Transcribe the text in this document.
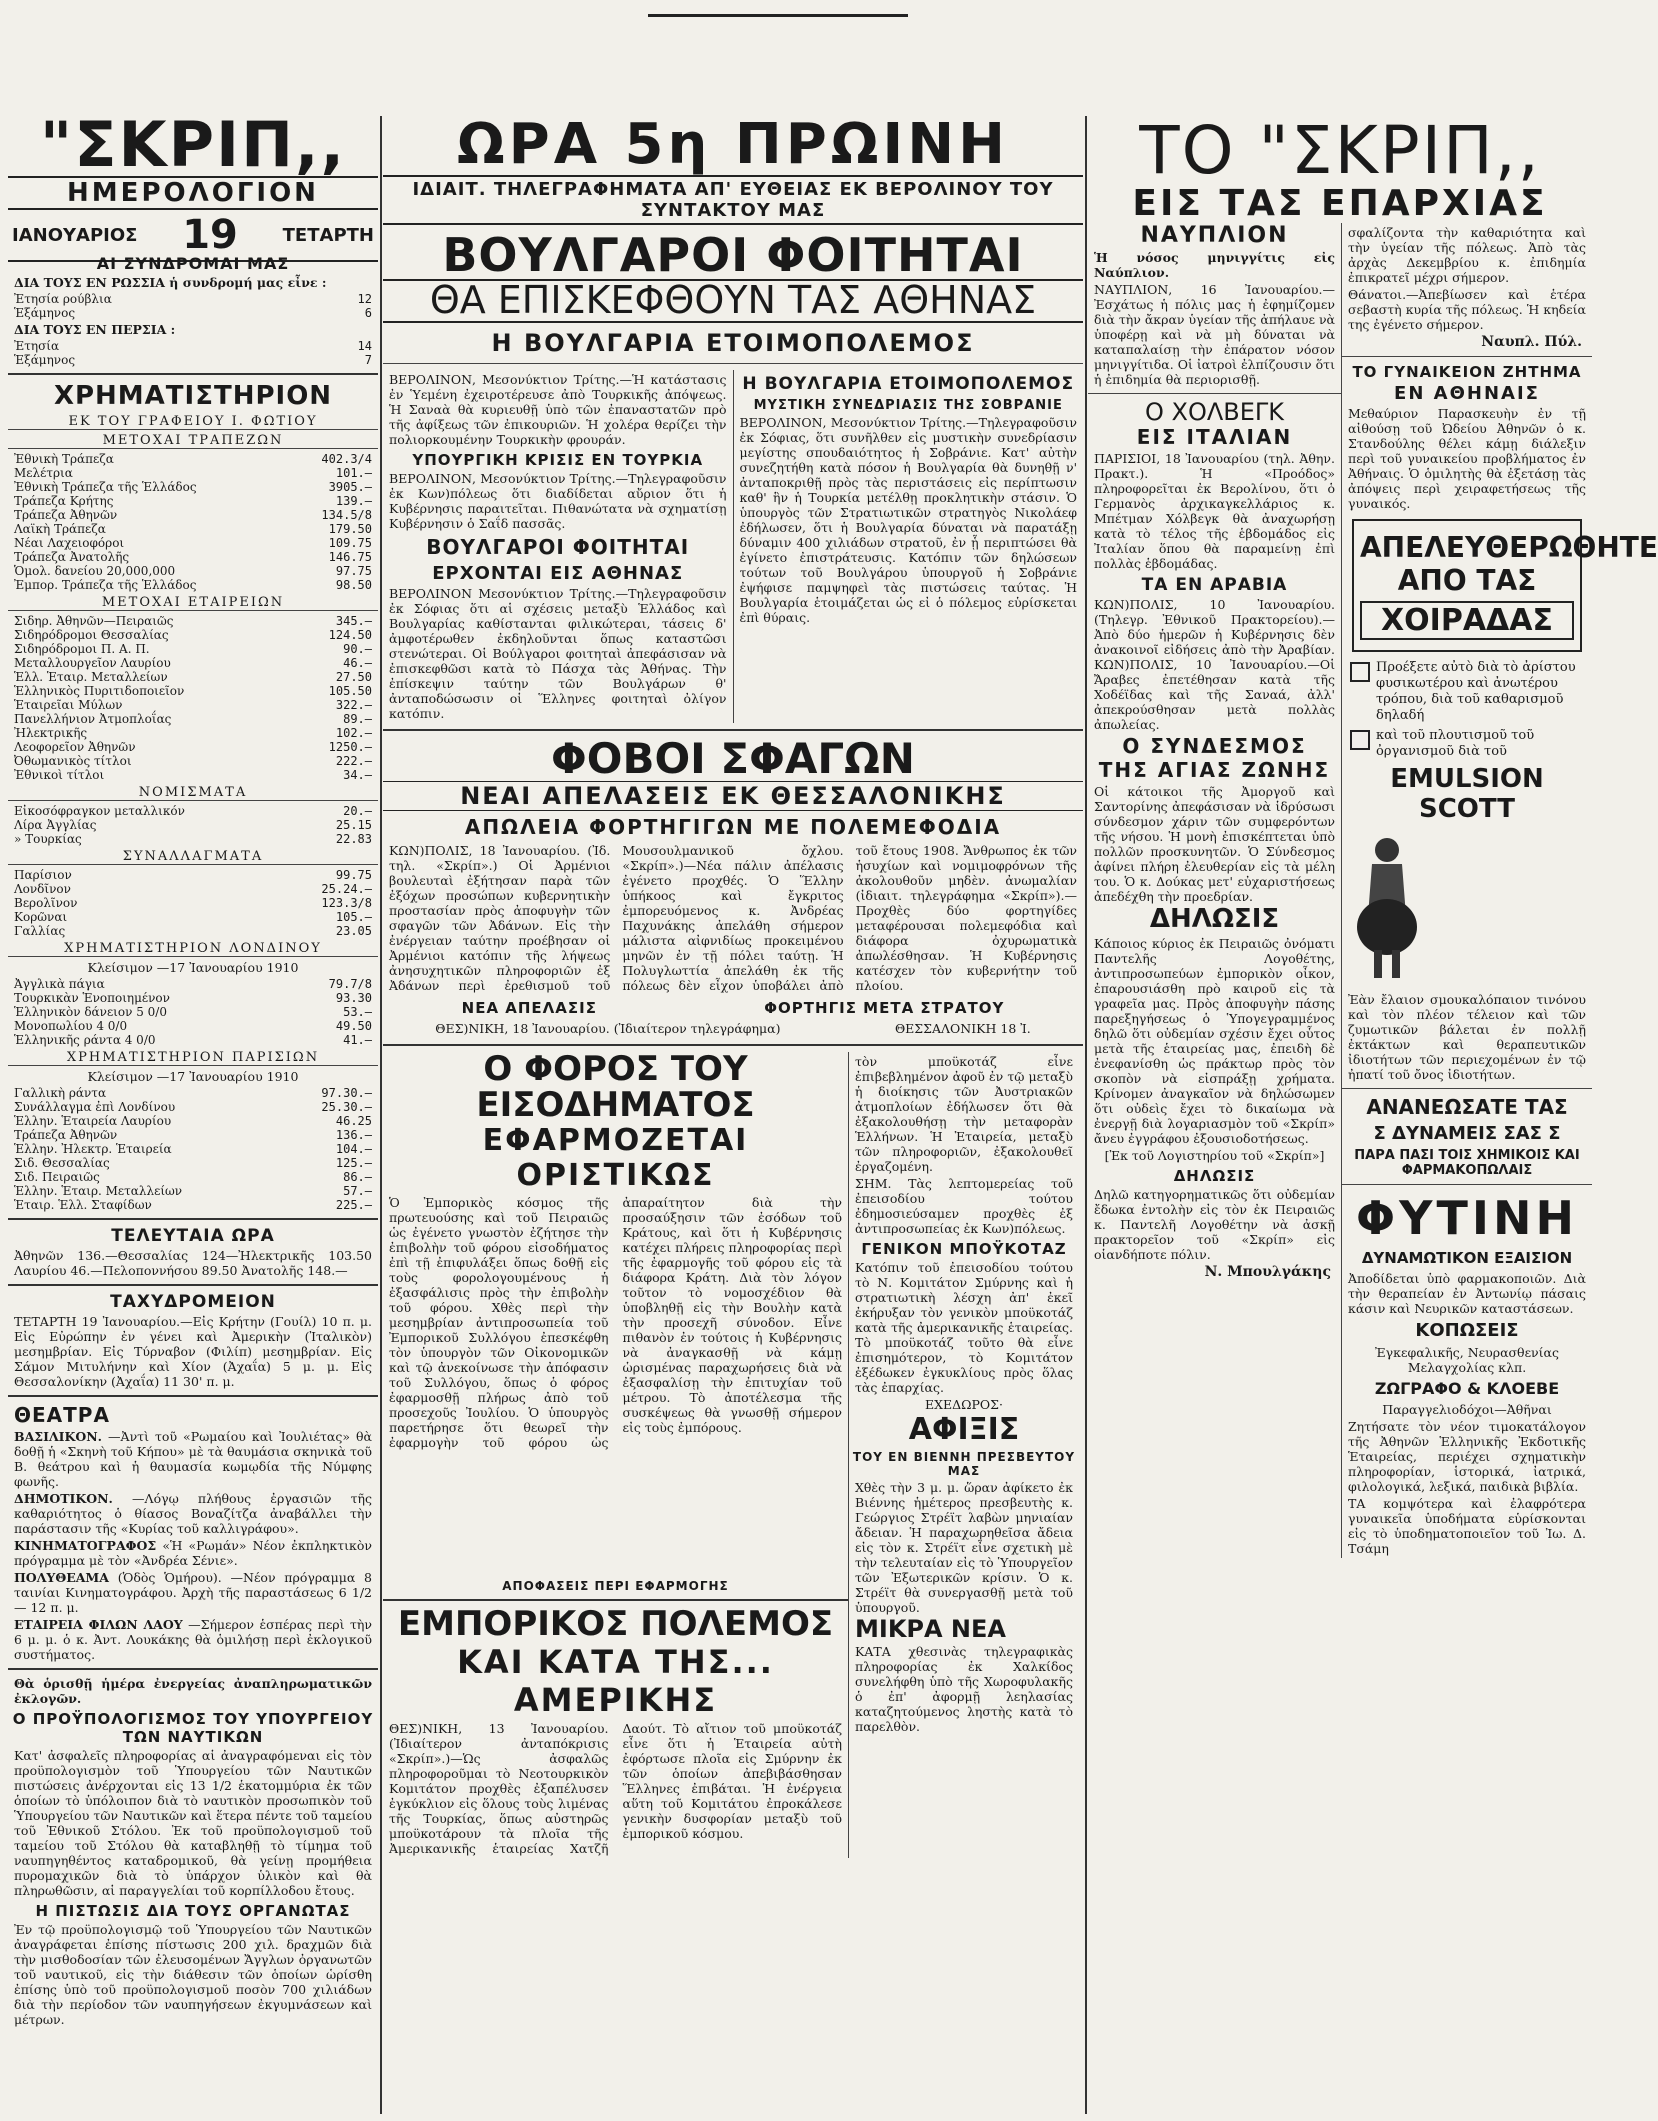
"ΣΚΡΙΠ,,
ΗΜΕΡΟΛΟΓΙΟΝ
ΙΑΝΟΥΑΡΙΟΣ 19 ΤΕΤΑΡΤΗ
ΑΙ ΣΥΝΔΡΟΜΑΙ ΜΑΣ
ΔΙΑ ΤΟΥΣ ΕΝ ΡΩΣΣΙΑ ἡ συνδρομή μας εἶνε :
Ἐτησία ρούβλια	12
Ἑξάμηνος	6
ΔΙΑ ΤΟΥΣ ΕΝ ΠΕΡΣΙΑ :
Ἐτησία	14
Ἑξάμηνος	7
ΧΡΗΜΑΤΙΣΤΗΡΙΟΝ
ΕΚ ΤΟΥ ΓΡΑΦΕΙΟΥ Ι. ΦΩΤΙΟΥ
ΜΕΤΟΧΑΙ ΤΡΑΠΕΖΩΝ
Ἐθνικὴ Τράπεζα	402.3/4
Μελέτρια	101.—
Ἐθνικὴ Τράπεζα τῆς Ἑλλάδος	3905.—
Τράπεζα Κρήτης	139.—
Τράπεζα Ἀθηνῶν	134.5/8
Λαϊκὴ Τράπεζα	179.50
Νέαι Λαχειοφόροι	109.75
Τράπεζα Ἀνατολῆς	146.75
Ὁμολ. δανείου 20,000,000	97.75
Ἐμπορ. Τράπεζα τῆς Ἑλλάδος	98.50
ΜΕΤΟΧΑΙ ΕΤΑΙΡΕΙΩΝ
Σιδηρ. Ἀθηνῶν—Πειραιῶς	345.—
Σιδηρόδρομοι Θεσσαλίας	124.50
Σιδηρόδρομοι Π. Α. Π.	90.—
Μεταλλουργεῖον Λαυρίου	46.—
Ἑλλ. Ἑταιρ. Μεταλλείων	27.50
Ἑλληνικὸς Πυριτιδοποιεῖον	105.50
Ἑταιρεῖαι Μύλων	322.—
Πανελλήνιον Ἀτμοπλοΐας	89.—
Ἠλεκτρικῆς	102.—
Λεοφορεῖον Ἀθηνῶν	1250.—
Ὀθωμανικὸς τίτλοι	222.—
Ἐθνικοὶ τίτλοι	34.—
ΝΟΜΙΣΜΑΤΑ
Εἰκοσόφραγκον μεταλλικόν	20.—
Λίρα Ἀγγλίας	25.15
» Τουρκίας	22.83
ΣΥΝΑΛΛΑΓΜΑΤΑ
Παρίσιον	99.75
Λονδῖνον	25.24.—
Βερολῖνον	123.3/8
Κορῶναι	105.—
Γαλλίας	23.05
ΧΡΗΜΑΤΙΣΤΗΡΙΟΝ ΛΟΝΔΙΝΟΥ
Κλείσιμον —17 Ἰανουαρίου 1910
Ἀγγλικὰ πάγια	79.7/8
Τουρκικὰν Ἑνοποιημένον	93.30
Ἑλληνικὸν δάνειον 5 0/0	53.—
Μονοπωλίου 4 0/0	49.50
Ἑλληνικῆς ράντα 4 0/0	41.—
ΧΡΗΜΑΤΙΣΤΗΡΙΟΝ ΠΑΡΙΣΙΩΝ
Κλείσιμον —17 Ἰανουαρίου 1910
Γαλλικὴ ράντα	97.30.—
Συνάλλαγμα ἐπὶ Λονδίνου	25.30.—
Ἑλλην. Ἑταιρεία Λαυρίου	46.25
Τράπεζα Ἀθηνῶν	136.—
Ἑλλην. Ἠλεκτρ. Ἑταιρεία	104.—
Σιδ. Θεσσαλίας	125.—
Σιδ. Πειραιῶς	86.—
Ἑλλην. Ἑταιρ. Μεταλλείων	57.—
Ἑταιρ. Ἑλλ. Σταφίδων	225.—
ΤΕΛΕΥΤΑΙΑ ΩΡΑ
Ἀθηνῶν 136.—Θεσσαλίας 124—Ἠλεκτρικῆς 103.50 Λαυρίου 46.—Πελοποννήσου 89.50 Ἀνατολῆς 148.—
ΤΑΧΥΔΡΟΜΕΙΟΝ
ΤΕΤΑΡΤΗ 19 Ἰανουαρίου.—Εἰς Κρήτην (Γουίλ) 10 π. μ. Εἰς Εὐρώπην ἐν γένει καὶ Ἀμερικὴν (Ἰταλικὸν) μεσημβρίαν. Εἰς Τύρναβον (Φιλίπ) μεσημβρίαν. Εἰς Σάμον Μιτυλήνην καὶ Χίον (Ἀχαΐα) 5 μ. μ. Εἰς Θεσσαλονίκην (Ἀχαΐα) 11 30' π. μ.
ΘΕΑΤΡΑ
ΒΑΣΙΛΙΚΟΝ. —Ἀντὶ τοῦ «Ρωμαίου καὶ Ἰουλιέτας» θὰ δοθῇ ἡ «Σκηνὴ τοῦ Κήπου» μὲ τὰ θαυμάσια σκηνικὰ τοῦ Β. θεάτρου καὶ ἡ θαυμασία κωμῳδία τῆς Νύμφης φωνῆς.
ΔΗΜΟΤΙΚΟΝ. —Λόγῳ πλήθους ἐργασιῶν τῆς καθαριότητος ὁ θίασος Βοναζίτζα ἀναβάλλει τὴν παράστασιν τῆς «Κυρίας τοῦ καλλιγράφου».
ΚΙΝΗΜΑΤΟΓΡΑΦΟΣ «Ἡ «Ρωμάν» Νέον ἐκπληκτικὸν πρόγραμμα μὲ τὸν «Ἀνδρέα Σένιε».
ΠΟΛΥΘΕΑΜΑ (Ὁδὸς Ὁμήρου). —Νέον πρόγραμμα 8 ταινίαι Κινηματογράφου. Ἀρχὴ τῆς παραστάσεως 6 1/2 — 12 π. μ.
ΕΤΑΙΡΕΙΑ ΦΙΛΩΝ ΛΑΟΥ —Σήμερον ἑσπέρας περὶ τὴν 6 μ. μ. ὁ κ. Ἀντ. Λουκάκης θὰ ὁμιλήσῃ περὶ ἐκλογικοῦ συστήματος.
Θὰ ὁρισθῇ ἡμέρα ἐνεργείας ἀναπληρωματικῶν ἐκλογῶν.
Ο ΠΡΟΫΠΟΛΟΓΙΣΜΟΣ ΤΟΥ ΥΠΟΥΡΓΕΙΟΥ ΤΩΝ ΝΑΥΤΙΚΩΝ
Κατ' ἀσφαλεῖς πληροφορίας αἱ ἀναγραφόμεναι εἰς τὸν προϋπολογισμὸν τοῦ Ὑπουργείου τῶν Ναυτικῶν πιστώσεις ἀνέρχονται εἰς 13 1/2 ἑκατομμύρια ἐκ τῶν ὁποίων τὸ ὑπόλοιπον διὰ τὸ ναυτικὸν προσωπικὸν τοῦ Ὑπουργείου τῶν Ναυτικῶν καὶ ἕτερα πέντε τοῦ ταμείου τοῦ Ἐθνικοῦ Στόλου. Ἐκ τοῦ προϋπολογισμοῦ τοῦ ταμείου τοῦ Στόλου θὰ καταβληθῇ τὸ τίμημα τοῦ ναυπηγηθέντος καταδρομικοῦ, θὰ γείνῃ προμήθεια πυρομαχικῶν διὰ τὸ ὑπάρχον ὑλικὸν καὶ θὰ πληρωθῶσιν, αἱ παραγγελίαι τοῦ κορπίλλοδου ἔτους.
Η ΠΙΣΤΩΣΙΣ ΔΙΑ ΤΟΥΣ ΟΡΓΑΝΩΤΑΣ
Ἐν τῷ προϋπολογισμῷ τοῦ Ὑπουργείου τῶν Ναυτικῶν ἀναγράφεται ἐπίσης πίστωσις 200 χιλ. δραχμῶν διὰ τὴν μισθοδοσίαν τῶν ἐλευσομένων Ἄγγλων ὀργανωτῶν τοῦ ναυτικοῦ, εἰς τὴν διάθεσιν τῶν ὁποίων ὡρίσθη ἐπίσης ὑπὸ τοῦ προϋπολογισμοῦ ποσὸν 700 χιλιάδων διὰ τὴν περίοδον τῶν ναυπηγήσεων ἐκγυμνάσεων καὶ μέτρων.
ΩΡΑ 5η ΠΡΩΙΝΗ
ΙΔΙΑΙΤ. ΤΗΛΕΓΡΑΦΗΜΑΤΑ ΑΠ' ΕΥΘΕΙΑΣ ΕΚ ΒΕΡΟΛΙΝΟΥ ΤΟΥ ΣΥΝΤΑΚΤΟΥ ΜΑΣ
ΒΟΥΛΓΑΡΟΙ ΦΟΙΤΗΤΑΙ
ΘΑ ΕΠΙΣΚΕΦΘΟΥΝ ΤΑΣ ΑΘΗΝΑΣ
Η ΒΟΥΛΓΑΡΙΑ ΕΤΟΙΜΟΠΟΛΕΜΟΣ
ΒΕΡΟΛΙΝΟΝ, Μεσονύκτιον Τρίτης.—Ἡ κατάστασις ἐν Ὑεμένη ἐχειροτέρευσε ἀπὸ Τουρκικῆς ἀπόψεως. Ἡ Σαναὰ θὰ κυριευθῇ ὑπὸ τῶν ἐπαναστατῶν πρὸ τῆς ἀφίξεως τῶν ἐπικουριῶν. Ἡ χολέρα θερίζει τὴν πολιορκουμένην Τουρκικὴν φρουράν.
ΥΠΟΥΡΓΙΚΗ ΚΡΙΣΙΣ ΕΝ ΤΟΥΡΚΙΑ
ΒΕΡΟΛΙΝΟΝ, Μεσονύκτιον Τρίτης.—Τηλεγραφοῦσιν ἐκ Κων)πόλεως ὅτι διαδίδεται αὔριον ὅτι ἡ Κυβέρνησις παραιτεῖται. Πιθανώτατα νὰ σχηματίσῃ Κυβέρνησιν ὁ Σαΐδ πασσᾶς.
ΒΟΥΛΓΑΡΟΙ ΦΟΙΤΗΤΑΙ
ΕΡΧΟΝΤΑΙ ΕΙΣ ΑΘΗΝΑΣ
ΒΕΡΟΛΙΝΟΝ Μεσονύκτιον Τρίτης.—Τηλεγραφοῦσιν ἐκ Σόφιας ὅτι αἱ σχέσεις μεταξὺ Ἑλλάδος καὶ Βουλγαρίας καθίστανται φιλικώτεραι, τάσεις δ' ἀμφοτέρωθεν ἐκδηλοῦνται ὅπως καταστῶσι στενώτεραι. Οἱ Βούλγαροι φοιτηταὶ ἀπεφάσισαν νὰ ἐπισκεφθῶσι κατὰ τὸ Πάσχα τὰς Ἀθήνας. Τὴν ἐπίσκεψιν ταύτην τῶν Βουλγάρων θ' ἀνταποδώσωσιν οἱ Ἕλληνες φοιτηταὶ ὀλίγον κατόπιν.
Η ΒΟΥΛΓΑΡΙΑ ΕΤΟΙΜΟΠΟΛΕΜΟΣ
ΜΥΣΤΙΚΗ ΣΥΝΕΔΡΙΑΣΙΣ ΤΗΣ ΣΟΒΡΑΝΙΕ
ΒΕΡΟΛΙΝΟΝ, Μεσονύκτιον Τρίτης.—Τηλεγραφοῦσιν ἐκ Σόφιας, ὅτι συνῆλθεν εἰς μυστικὴν συνεδρίασιν μεγίστης σπουδαιότητος ἡ Σοβράνιε. Κατ' αὐτὴν συνεζητήθη κατὰ πόσον ἡ Βουλγαρία θὰ δυνηθῇ ν' ἀνταποκριθῇ πρὸς τὰς περιστάσεις εἰς περίπτωσιν καθ' ἣν ἡ Τουρκία μετέλθῃ προκλητικὴν στάσιν. Ὁ ὑπουργὸς τῶν Στρατιωτικῶν στρατηγὸς Νικολάεφ ἐδήλωσεν, ὅτι ἡ Βουλγαρία δύναται νὰ παρατάξῃ δύναμιν 400 χιλιάδων στρατοῦ, ἐν ᾗ περιπτώσει θὰ ἐγίνετο ἐπιστράτευσις. Κατόπιν τῶν δηλώσεων τούτων τοῦ Βουλγάρου ὑπουργοῦ ἡ Σοβράνιε ἐψήφισε παμψηφεὶ τὰς πιστώσεις ταύτας. Ἡ Βουλγαρία ἑτοιμάζεται ὡς εἰ ὁ πόλεμος εὑρίσκεται ἐπὶ θύραις.
ΦΟΒΟΙ ΣΦΑΓΩΝ
ΝΕΑΙ ΑΠΕΛΑΣΕΙΣ ΕΚ ΘΕΣΣΑΛΟΝΙΚΗΣ
ΑΠΩΛΕΙΑ ΦΟΡΤΗΓΙΓΩΝ ΜΕ ΠΟΛΕΜΕΦΟΔΙΑ
ΚΩΝ)ΠΟΛΙΣ, 18 Ἰανουαρίου. (Ἰδ. τηλ. «Σκρίπ».) Οἱ Ἀρμένιοι βουλευταὶ ἐξήτησαν παρὰ τῶν ἐξόχων προσώπων κυβερνητικὴν προστασίαν πρὸς ἀποφυγὴν τῶν σφαγῶν τῶν Ἀδάνων. Εἰς τὴν ἐνέργειαν ταύτην προέβησαν οἱ Ἀρμένιοι κατόπιν τῆς λήψεως ἀνησυχητικῶν πληροφοριῶν ἐξ Ἀδάνων περὶ ἐρεθισμοῦ τοῦ Μουσουλμανικοῦ ὄχλου. «Σκρίπ».)—Νέα πάλιν ἀπέλασις ἐγένετο προχθές. Ὁ Ἕλλην ὑπήκοος καὶ ἔγκριτος ἐμπορευόμενος κ. Ἀνδρέας Παχυνάκης ἀπελάθη σήμερον μάλιστα αἰφνιδίως προκειμένου μηνῶν ἐν τῇ πόλει ταύτῃ. Ἡ Πολυγλωττία ἀπελάθη ἐκ τῆς πόλεως δὲν εἶχον ὑποβάλει ἀπὸ τοῦ ἔτους 1908. Ἄνθρωπος ἐκ τῶν ἡσυχίων καὶ νομιμοφρόνων τῆς ἀκολουθοῦν μηδὲν. ἀνωμαλίαν (ἰδιαιτ. τηλεγράφημα «Σκρίπ»).—Προχθὲς δύο φορτηγίδες μεταφέρουσαι πολεμεφόδια καὶ διάφορα ὀχυρωματικὰ ἀπωλέσθησαν. Ἡ Κυβέρνησις κατέσχεν τὸν κυβερνήτην τοῦ πλοίου.
ΝΕΑ ΑΠΕΛΑΣΙΣ	ΦΟΡΤΗΓΙΣ ΜΕΤΑ ΣΤΡΑΤΟΥ
ΘΕΣ)ΝΙΚΗ, 18 Ἰανουαρίου. (Ἰδιαίτερον τηλεγράφημα)	ΘΕΣΣΑΛΟΝΙΚΗ 18 Ἰ.
Ο ΦΟΡΟΣ ΤΟΥ ΕΙΣΟΔΗΜΑΤΟΣ
ΕΦΑΡΜΟΖΕΤΑΙ ΟΡΙΣΤΙΚΩΣ
Ὁ Ἐμπορικὸς κόσμος τῆς πρωτευούσης καὶ τοῦ Πειραιῶς ὡς ἐγένετο γνωστὸν ἐζήτησε τὴν ἐπιβολὴν τοῦ φόρου εἰσοδήματος ἐπὶ τῇ ἐπιφυλάξει ὅπως δοθῇ εἰς τοὺς φορολογουμένους ἡ ἐξασφάλισις πρὸς τὴν ἐπιβολὴν τοῦ φόρου. Χθὲς περὶ τὴν μεσημβρίαν ἀντιπροσωπεία τοῦ Ἐμπορικοῦ Συλλόγου ἐπεσκέφθη τὸν ὑπουργὸν τῶν Οἰκονομικῶν καὶ τῷ ἀνεκοίνωσε τὴν ἀπόφασιν τοῦ Συλλόγου, ὅπως ὁ φόρος ἐφαρμοσθῇ πλήρως ἀπὸ τοῦ προσεχοῦς Ἰουλίου. Ὁ ὑπουργὸς παρετήρησε ὅτι θεωρεῖ τὴν ἐφαρμογὴν τοῦ φόρου ὡς ἀπαραίτητον διὰ τὴν προσαύξησιν τῶν ἐσόδων τοῦ Κράτους, καὶ ὅτι ἡ Κυβέρνησις κατέχει πλήρεις πληροφορίας περὶ τῆς ἐφαρμογῆς τοῦ φόρου εἰς τὰ διάφορα Κράτη. Διὰ τὸν λόγον τοῦτον τὸ νομοσχέδιον θὰ ὑποβληθῇ εἰς τὴν Βουλὴν κατὰ τὴν προσεχῆ σύνοδον. Εἶνε πιθανὸν ἐν τούτοις ἡ Κυβέρνησις νὰ ἀναγκασθῇ νὰ κάμῃ ὡρισμένας παραχωρήσεις διὰ νὰ ἐξασφαλίσῃ τὴν ἐπιτυχίαν τοῦ μέτρου. Τὸ ἀποτέλεσμα τῆς συσκέψεως θὰ γνωσθῇ σήμερον εἰς τοὺς ἐμπόρους.
ΑΠΟΦΑΣΕΙΣ ΠΕΡΙ ΕΦΑΡΜΟΓΗΣ
ΕΜΠΟΡΙΚΟΣ ΠΟΛΕΜΟΣ
ΚΑΙ ΚΑΤΑ ΤΗΣ... ΑΜΕΡΙΚΗΣ
ΘΕΣ)ΝΙΚΗ, 13 Ἰανουαρίου. (Ἰδιαίτερον ἀνταπόκρισις «Σκρίπ».)—Ὡς ἀσφαλῶς πληροφοροῦμαι τὸ Νεοτουρκικὸν Κομιτάτον προχθὲς ἐξαπέλυσεν ἐγκύκλιον εἰς ὅλους τοὺς λιμένας τῆς Τουρκίας, ὅπως αὐστηρῶς μποϋκοτάρουν τὰ πλοῖα τῆς Ἀμερικανικῆς ἑταιρείας Χατζῆ Δαούτ. Τὸ αἴτιον τοῦ μποϋκοτάζ εἶνε ὅτι ἡ Ἑταιρεία αὐτὴ ἐφόρτωσε πλοῖα εἰς Σμύρνην ἐκ τῶν ὁποίων ἀπεβιβάσθησαν Ἕλληνες ἐπιβάται. Ἡ ἐνέργεια αὕτη τοῦ Κομιτάτου ἐπροκάλεσε γενικὴν δυσφορίαν μεταξὺ τοῦ ἐμπορικοῦ κόσμου.
τὸν μποϋκοτάζ εἶνε ἐπιβεβλημένον ἀφοῦ ἐν τῷ μεταξὺ ἡ διοίκησις τῶν Ἀυστριακῶν ἀτμοπλοίων ἐδήλωσεν ὅτι θὰ ἐξακολουθήσῃ τὴν μεταφορὰν Ἑλλήνων. Ἡ Ἑταιρεία, μεταξὺ τῶν πληροφοριῶν, ἐξακολουθεῖ ἐργαζομένη.
ΣΗΜ. Τὰς λεπτομερείας τοῦ ἐπεισοδίου τούτου ἐδημοσιεύσαμεν προχθὲς ἐξ ἀντιπροσωπείας ἐκ Κων)πόλεως.
ΓΕΝΙΚΟΝ ΜΠΟΫΚΟΤΑΖ
Κατόπιν τοῦ ἐπεισοδίου τούτου τὸ Ν. Κομιτάτον Σμύρνης καὶ ἡ στρατιωτικὴ λέσχη ἀπ' ἐκεῖ ἐκήρυξαν τὸν γενικὸν μποϋκοτάζ κατὰ τῆς ἀμερικανικῆς ἑταιρείας. Τὸ μποϋκοτάζ τοῦτο θὰ εἶνε ἐπισημότερον, τὸ Κομιτάτον ἐξέδωκεν ἐγκυκλίους πρὸς ὅλας τὰς ἐπαρχίας.
ΕΧΕΔΩΡΟΣ·
ΑΦΙΞΙΣ
ΤΟΥ ΕΝ ΒΙΕΝΝΗ ΠΡΕΣΒΕΥΤΟΥ ΜΑΣ
Χθὲς τὴν 3 μ. μ. ὥραν ἀφίκετο ἐκ Βιέννης ἡμέτερος πρεσβευτὴς κ. Γεώργιος Στρέϊτ λαβὼν μηνιαίαν ἄδειαν. Ἡ παραχωρηθεῖσα ἄδεια εἰς τὸν κ. Στρέϊτ εἶνε σχετικὴ μὲ τὴν τελευταίαν εἰς τὸ Ὑπουργεῖον τῶν Ἐξωτερικῶν κρίσιν. Ὁ κ. Στρέϊτ θὰ συνεργασθῇ μετὰ τοῦ ὑπουργοῦ.
ΜΙΚΡΑ ΝΕΑ
ΚΑΤΑ χθεσινὰς τηλεγραφικὰς πληροφορίας ἐκ Χαλκίδος συνελήφθη ὑπὸ τῆς Χωροφυλακῆς ὁ ἐπ' ἀφορμῇ λεηλασίας καταζητούμενος ληστὴς κατὰ τὸ παρελθὸν.
ΤΟ "ΣΚΡΙΠ,,
ΕΙΣ ΤΑΣ ΕΠΑΡΧΙΑΣ
ΝΑΥΠΛΙΟΝ
Ἡ νόσος μηνιγγίτις εἰς Ναύπλιον.
ΝΑΥΠΛΙΟΝ, 16 Ἰανουαρίου.—Ἐσχάτως ἡ πόλις μας ἡ ἐφημίζομεν διὰ τὴν ἄκραν ὑγείαν τῆς ἀπήλαυε νὰ ὑποφέρῃ καὶ νὰ μὴ δύναται νὰ καταπαλαίσῃ τὴν ἐπάρατον νόσον μηνιγγίτιδα. Οἱ ἰατροὶ ἐλπίζουσιν ὅτι ἡ ἐπιδημία θὰ περιορισθῇ.
Ο ΧΟΛΒΕΓΚ
ΕΙΣ ΙΤΑΛΙΑΝ
ΠΑΡΙΣΙΟΙ, 18 Ἰανουαρίου (τηλ. Ἀθην. Πρακτ.). Ἡ «Προόδος» πληροφορεῖται ἐκ Βερολίνου, ὅτι ὁ Γερμανὸς ἀρχικαγκελλάριος κ. Μπέτμαν Χόλβεγκ θὰ ἀναχωρήσῃ κατὰ τὸ τέλος τῆς ἑβδομάδος εἰς Ἰταλίαν ὅπου θὰ παραμείνῃ ἐπὶ πολλὰς ἑβδομάδας.
ΤΑ ΕΝ ΑΡΑΒΙΑ
ΚΩΝ)ΠΟΛΙΣ, 10 Ἰανουαρίου. (Τηλεγρ. Ἐθνικοῦ Πρακτορείου).—Ἀπὸ δύο ἡμερῶν ἡ Κυβέρνησις δὲν ἀνακοινοῖ εἰδήσεις ἀπὸ τὴν Ἀραβίαν. ΚΩΝ)ΠΟΛΙΣ, 10 Ἰανουαρίου.—Οἱ Ἄραβες ἐπετέθησαν κατὰ τῆς Χοδέϊδας καὶ τῆς Σαναά, ἀλλ' ἀπεκρούσθησαν μετὰ πολλὰς ἀπωλείας.
Ο ΣΥΝΔΕΣΜΟΣ
ΤΗΣ ΑΓΙΑΣ ΖΩΝΗΣ
Οἱ κάτοικοι τῆς Ἀμοργοῦ καὶ Σαντορίνης ἀπεφάσισαν νὰ ἱδρύσωσι σύνδεσμον χάριν τῶν συμφερόντων τῆς νήσου. Ἡ μονὴ ἐπισκέπτεται ὑπὸ πολλῶν προσκυνητῶν. Ὁ Σύνδεσμος ἀφίνει πλήρη ἐλευθερίαν εἰς τὰ μέλη του. Ὁ κ. Δούκας μετ' εὐχαριστήσεως ἀπεδέχθη τὴν προεδρίαν.
ΔΗΛΩΣΙΣ
Κάποιος κύριος ἐκ Πειραιῶς ὀνόματι Παντελῆς Λογοθέτης, ἀντιπροσωπεύων ἐμπορικὸν οἶκον, ἐπαρουσιάσθη πρὸ καιροῦ εἰς τὰ γραφεῖα μας. Πρὸς ἀποφυγὴν πάσης παρεξηγήσεως ὁ Ὑπογεγραμμένος δηλῶ ὅτι οὐδεμίαν σχέσιν ἔχει οὗτος μετὰ τῆς ἑταιρείας μας, ἐπειδὴ δὲ ἐνεφανίσθη ὡς πράκτωρ πρὸς τὸν σκοπὸν νὰ εἰσπράξῃ χρήματα. Κρίνομεν ἀναγκαῖον νὰ δηλώσωμεν ὅτι οὐδεὶς ἔχει τὸ δικαίωμα νὰ ἐνεργῇ διὰ λογαριασμὸν τοῦ «Σκρίπ» ἄνευ ἐγγράφου ἐξουσιοδοτήσεως.
[Ἐκ τοῦ Λογιστηρίου τοῦ «Σκρίπ»]
ΔΗΛΩΣΙΣ
Δηλῶ κατηγορηματικῶς ὅτι οὐδεμίαν ἔδωκα ἐντολὴν εἰς τὸν ἐκ Πειραιῶς κ. Παντελῆ Λογοθέτην νὰ ἀσκῇ πρακτορεῖον τοῦ «Σκρίπ» εἰς οἱανδήποτε πόλιν.
Ν. Μπουλγάκης
σφαλίζοντα τὴν καθαριότητα καὶ τὴν ὑγείαν τῆς πόλεως. Ἀπὸ τὰς ἀρχὰς Δεκεμβρίου κ. ἐπιδημία ἐπικρατεῖ μέχρι σήμερον.
Θάνατοι.—Ἀπεβίωσεν καὶ ἑτέρα σεβαστὴ κυρία τῆς πόλεως. Ἡ κηδεία της ἐγένετο σήμερον.
Ναυπλ. Πύλ.
ΤΟ ΓΥΝΑΙΚΕΙΟΝ ΖΗΤΗΜΑ
ΕΝ ΑΘΗΝΑΙΣ
Μεθαύριον Παρασκευὴν ἐν τῇ αἰθούσῃ τοῦ Ὠδείου Ἀθηνῶν ὁ κ. Στανδούλης θέλει κάμῃ διάλεξιν περὶ τοῦ γυναικείου προβλήματος ἐν Ἀθήναις. Ὁ ὁμιλητὴς θὰ ἐξετάσῃ τὰς ἀπόψεις περὶ χειραφετήσεως τῆς γυναικός.
ΑΠΕΛΕΥΘΕΡΩΘΗΤΕ ΑΠΟ ΤΑΣ
ΧΟΙΡΑΔΑΣ
Προέξετε αὐτὸ διὰ τὸ ἀρίστου φυσικωτέρου καὶ ἀνωτέρου τρόπου, διὰ τοῦ καθαρισμοῦ δηλαδή
καὶ τοῦ πλουτισμοῦ τοῦ ὀργανισμοῦ διὰ τοῦ
EMULSION SCOTT
Ἐὰν ἔλαιον σμουκαλόπαιον τινόνου καὶ τὸν πλέον τέλειον καὶ τῶν ζυμωτικῶν βάλεται ἐν πολλῇ ἐκτάκτων καὶ θεραπευτικῶν ἰδιοτήτων τῶν περιεχομένων ἐν τῷ ἠπατί τοῦ ὄνος ἰδιοτήτων.
ΑΝΑΝΕΩΣΑΤΕ ΤΑΣ
Σ ΔΥΝΑΜΕΙΣ ΣΑΣ Σ
ΠΑΡΑ ΠΑΣΙ ΤΟΙΣ ΧΗΜΙΚΟΙΣ ΚΑΙ ΦΑΡΜΑΚΟΠΩΛΑΙΣ
ΦΥΤΙΝΗ
ΔΥΝΑΜΩΤΙΚΟΝ ΕΞΑΙΣΙΟΝ
Ἀποδίδεται ὑπὸ φαρμακοποιῶν. Διὰ τὴν θεραπείαν ἐν Ἀντωνίῳ πάσαις κάσιν καὶ Νευρικῶν καταστάσεων.
ΚΟΠΩΣΕΙΣ
Ἐγκεφαλικῆς, Νευρασθενίας Μελαγχολίας κλπ.
ΖΩΓΡΑΦΟ & ΚΛΟΕΒΕ
Παραγγελιοδόχοι—Ἀθῆναι
Ζητήσατε τὸν νέον τιμοκατάλογον τῆς Ἀθηνῶν Ἑλληνικῆς Ἐκδοτικῆς Ἑταιρείας, περιέχει σχηματικὴν πληροφορίαν, ἱστορικά, ἰατρικά, φιλολογικά, λεξικά, παιδικὰ βιβλία.
ΤΑ κομψότερα καὶ ἐλαφρότερα γυναικεῖα ὑποδήματα εὑρίσκονται εἰς τὸ ὑποδηματοποιεῖον τοῦ Ἰω. Δ. Τσάμη
